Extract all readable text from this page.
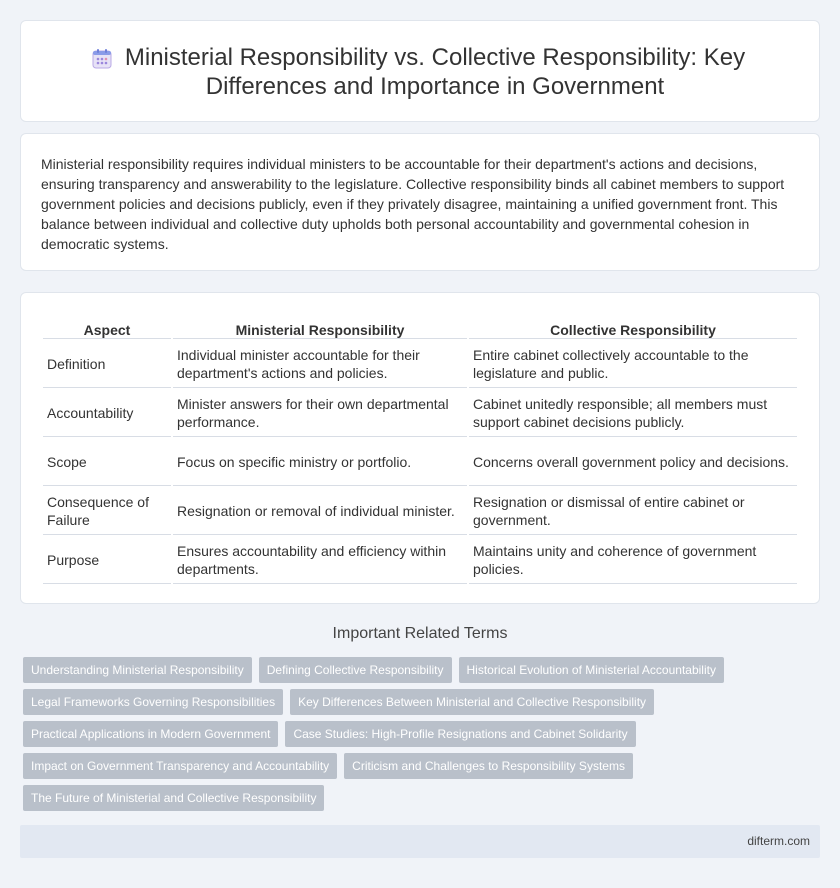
Ministerial Responsibility vs. Collective Responsibility: Key Differences and Importance in Government

Ministerial responsibility requires individual ministers to be accountable for their department's actions and decisions, ensuring transparency and answerability to the legislature. Collective responsibility binds all cabinet members to support government policies and decisions publicly, even if they privately disagree, maintaining a unified government front. This balance between individual and collective duty upholds both personal accountability and governmental cohesion in democratic systems.

Aspect	Ministerial Responsibility	Collective Responsibility
Definition	Individual minister accountable for their department's actions and policies.	Entire cabinet collectively accountable to the legislature and public.
Accountability	Minister answers for their own departmental performance.	Cabinet unitedly responsible; all members must support cabinet decisions publicly.
Scope	Focus on specific ministry or portfolio.	Concerns overall government policy and decisions.
Consequence of Failure	Resignation or removal of individual minister.	Resignation or dismissal of entire cabinet or government.
Purpose	Ensures accountability and efficiency within departments.	Maintains unity and coherence of government policies.
Important Related Terms
Understanding Ministerial Responsibility	Defining Collective Responsibility	Historical Evolution of Ministerial Accountability
Legal Frameworks Governing Responsibilities	Key Differences Between Ministerial and Collective Responsibility
Practical Applications in Modern Government	Case Studies: High-Profile Resignations and Cabinet Solidarity
Impact on Government Transparency and Accountability	Criticism and Challenges to Responsibility Systems
The Future of Ministerial and Collective Responsibility
difterm.com
